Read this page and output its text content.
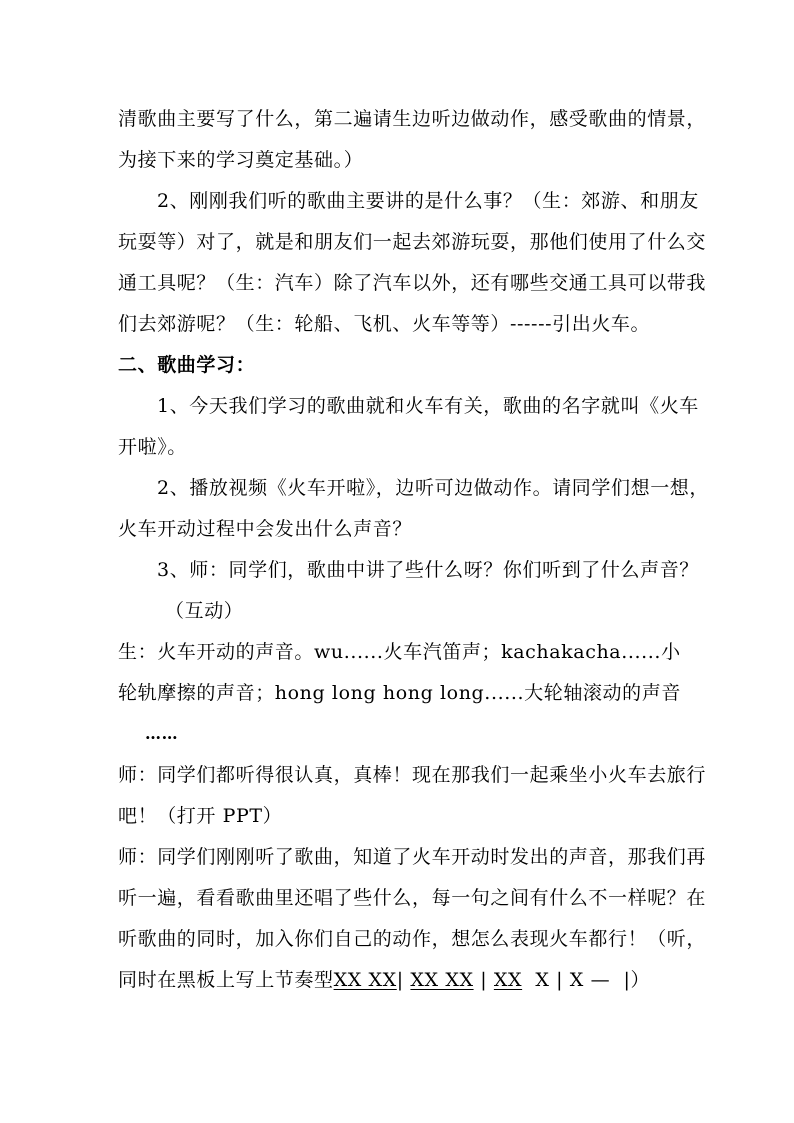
清歌曲主要写了什么，第二遍请生边听边做动作，感受歌曲的情景，
为接下来的学习奠定基础。）
2、刚刚我们听的歌曲主要讲的是什么事？（生：郊游、和朋友
玩耍等）对了，就是和朋友们一起去郊游玩耍，那他们使用了什么交
通工具呢？（生：汽车）除了汽车以外，还有哪些交通工具可以带我
们去郊游呢？（生：轮船、飞机、火车等等）------引出火车。
二、歌曲学习：
1、今天我们学习的歌曲就和火车有关，歌曲的名字就叫《火车
开啦》。
2、播放视频《火车开啦》，边听可边做动作。请同学们想一想，
火车开动过程中会发出什么声音？
3、师：同学们，歌曲中讲了些什么呀？你们听到了什么声音？
（互动）
生：火车开动的声音。wu......火车汽笛声；kachakacha......小
轮轨摩擦的声音；hong long hong long......大轮轴滚动的声音
……
师：同学们都听得很认真，真棒！现在那我们一起乘坐小火车去旅行
吧！（打开 PPT）
师：同学们刚刚听了歌曲，知道了火车开动时发出的声音，那我们再
听一遍，看看歌曲里还唱了些什么，每一句之间有什么不一样呢？在
听歌曲的同时，加入你们自己的动作，想怎么表现火车都行！（听，
同时在黑板上写上节奏型XX XX| XX XX | XX  X | X —  |）
